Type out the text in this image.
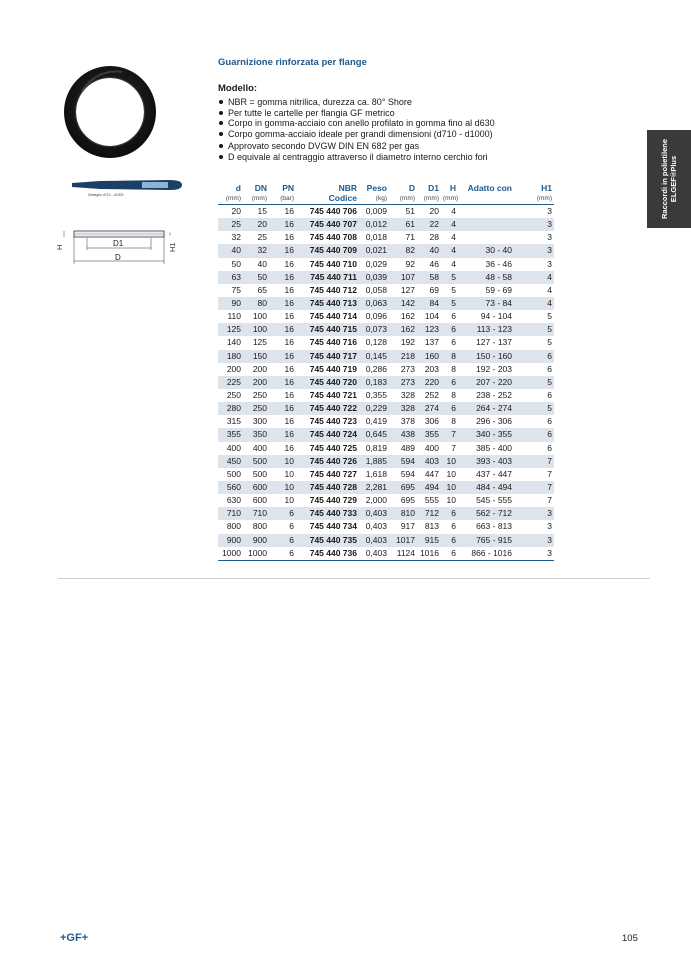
Guarnizione rinforzata per flange
Modello:
NBR = gomma nitrilica, durezza ca. 80° Shore
Per tutte le cartelle per flangia GF metrico
Corpo in gomma-acciaio con anello profilato in gomma fino al d630
Corpo gomma-acciaio ideale per grandi dimensioni (d710 - d1000)
Approvato secondo DVGW DIN EN 682 per gas
D equivale al centraggio attraverso il diametro interno cerchio fori
Dettaglio d710 - d1000
D1
D
H	H1
Raccordi in polietilene ELGEF®Plus
d	DN	PN	NBR	Peso	D	D1	H	Adatto con	H1
(mm)	(mm)	(bar)	Codice	(kg)	(mm)	(mm)	(mm)		(mm)
20	15	16	745 440 706	0,009	51	20	4		3
25	20	16	745 440 707	0,012	61	22	4		3
32	25	16	745 440 708	0,018	71	28	4		3
40	32	16	745 440 709	0,021	82	40	4	30 - 40	3
50	40	16	745 440 710	0,029	92	46	4	36 - 46	3
63	50	16	745 440 711	0,039	107	58	5	48 - 58	4
75	65	16	745 440 712	0,058	127	69	5	59 - 69	4
90	80	16	745 440 713	0,063	142	84	5	73 - 84	4
110	100	16	745 440 714	0,096	162	104	6	94 - 104	5
125	100	16	745 440 715	0,073	162	123	6	113 - 123	5
140	125	16	745 440 716	0,128	192	137	6	127 - 137	5
180	150	16	745 440 717	0,145	218	160	8	150 - 160	6
200	200	16	745 440 719	0,286	273	203	8	192 - 203	6
225	200	16	745 440 720	0,183	273	220	6	207 - 220	5
250	250	16	745 440 721	0,355	328	252	8	238 - 252	6
280	250	16	745 440 722	0,229	328	274	6	264 - 274	5
315	300	16	745 440 723	0,419	378	306	8	296 - 306	6
355	350	16	745 440 724	0,645	438	355	7	340 - 355	6
400	400	16	745 440 725	0,819	489	400	7	385 - 400	6
450	500	10	745 440 726	1,885	594	403	10	393 - 403	7
500	500	10	745 440 727	1,618	594	447	10	437 - 447	7
560	600	10	745 440 728	2,281	695	494	10	484 - 494	7
630	600	10	745 440 729	2,000	695	555	10	545 - 555	7
710	710	6	745 440 733	0,403	810	712	6	562 - 712	3
800	800	6	745 440 734	0,403	917	813	6	663 - 813	3
900	900	6	745 440 735	0,403	1017	915	6	765 - 915	3
1000	1000	6	745 440 736	0,403	1124	1016	6	866 - 1016	3
+GF+	105
